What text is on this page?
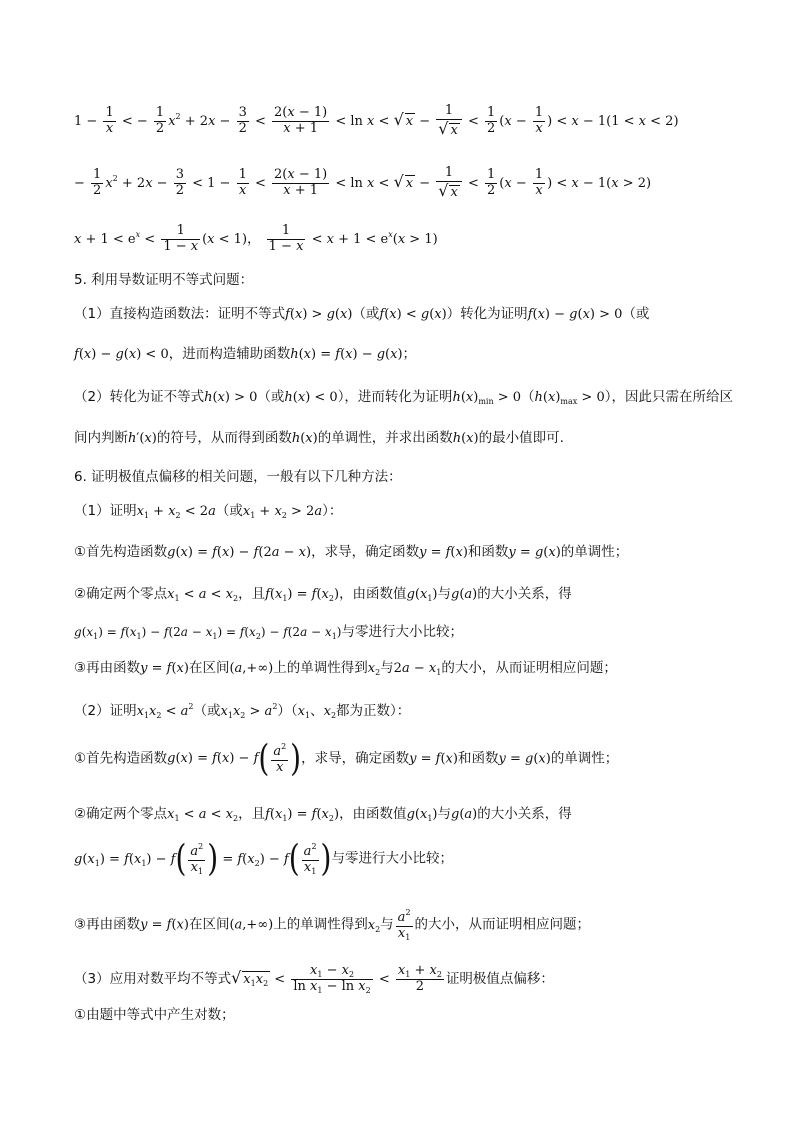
$1 - \frac{1}{x}$ < − $\frac{1}{2} x^2 + 2x - \frac{3}{2} < \frac{2(x - 1)}{x + 1} < \ln x$ < √ $x - \frac{1}{√ x} < \frac{1}{2} (x - \frac{1}{x}$ ) < x − 1(1 < x < 2)
− $\frac{1}{2} x^2 + 2x - \frac{3}{2} < 1 - \frac{1}{x} < \frac{2(x - 1)}{x + 1} < \ln x$ < √ $x - \frac{1}{√ x} < \frac{1}{2} (x - \frac{1}{x}$ ) < x − 1(x > 2)
$x + 1 < e^x < \frac{1}{1 - x} (x < 1)$， $\frac{1}{1 - x} < x + 1 < e^x(x > 1)$
5. 利用导数证明不等式问题：
（1）直接构造函数法：证明不等式f(x) > g(x)（或f(x) < g(x)）转化为证明f(x) − g(x) > 0（或
f(x) − g(x) < 0，进而构造辅助函数h(x) = f(x) − g(x)；
（2）转化为证不等式h(x) > 0（或h(x) < 0），进而转化为证明$h(x)_{min} > 0(h(x)_{max} > 0)$，因此只需在所给区
间内判断h′(x)的符号，从而得到函数h(x)的单调性，并求出函数h(x)的最小值即可.
6. 证明极值点偏移的相关问题，一般有以下几种方法：
（1）证明$x_1 + x_2 < 2a$（或$x_1 + x_2 > 2a$）：
①首先构造函数g(x) = f(x) − f(2a − x)，求导，确定函数y = f(x)和函数y = g(x)的单调性；
②确定两个零点$x_1 < a < x_2$，且$f(x_1) = f(x_2)$，由函数值$g(x_1)$与g(a)的大小关系，得
$g(x_1) = f(x_1) - f(2a - x_1) = f(x_2) - f(2a - x_1)$与零进行大小比较；
③再由函数y = f(x)在区间(a,+∞)上的单调性得到$x_2$与$2a - x_1$的大小，从而证明相应问题；
（2）证明$x_1x_2 < a^2$（或$x_1x_2 > a^2)(x_1$、$x_2$都为正数）：
①首先构造函数$g(x) = f(x) - f( \frac{a^2}{x}$ )，求导，确定函数y = f(x)和函数y = g(x)的单调性；
②确定两个零点$x_1 < a < x_2$，且$f(x_1) = f(x_2)$，由函数值$g(x_1)$与g(a)的大小关系，得
$g(x_1) = f(x_1) - f( \frac{a^2}{x_1}$ ) = $f(x_2) - f( \frac{a^2}{x_1}$ )与零进行大小比较；
③再由函数y = f(x)在区间(a,+∞)上的单调性得到$x_2$与 $\frac{a^2}{x_1}$ 的大小，从而证明相应问题；
（3）应用对数平均不等式√ $x_1x_2 < \frac{x_1 - x_2}{\ln x_1 - \ln x_2} < \frac{x_1 + x_2}{2}$ 证明极值点偏移：
①由题中等式中产生对数；
